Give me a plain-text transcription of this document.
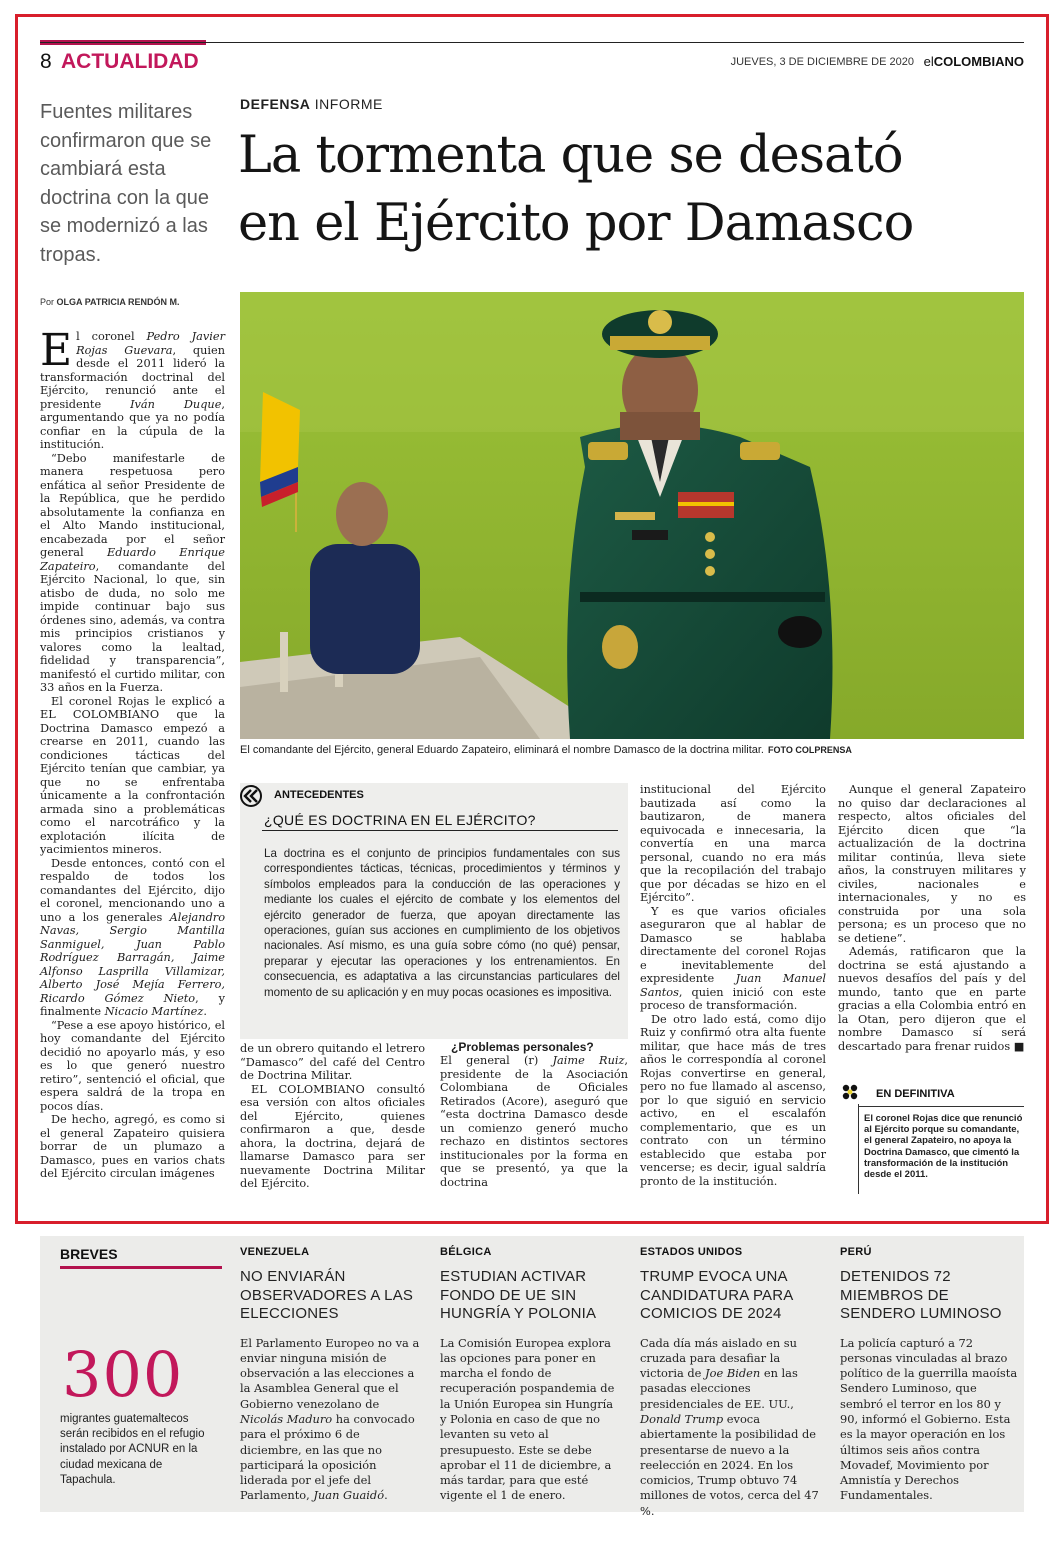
8 ACTUALIDAD	JUEVES, 3 DE DICIEMBRE DE 2020 elCOLOMBIANO
Fuentes militares confirmaron que se cambiará esta doctrina con la que se modernizó a las tropas.
DEFENSA INFORME
La tormenta que se desató
en el Ejército por Damasco
Por OLGA PATRICIA RENDÓN M.
El comandante del Ejército, general Eduardo Zapateiro, eliminará el nombre Damasco de la doctrina militar. FOTO COLPRENSA

El coronel Pedro Javier Rojas Guevara, quien desde el 2011 lideró la transformación doctrinal del Ejército, renunció ante el presidente Iván Duque, argumentando que ya no podía confiar en la cúpula de la institución.

“Debo manifestarle de manera respetuosa pero enfática al señor Presidente de la República, que he perdido absolutamente la confianza en el Alto Mando institucional, encabezada por el señor general Eduardo Enrique Zapateiro, comandante del Ejército Nacional, lo que, sin atisbo de duda, no solo me impide continuar bajo sus órdenes sino, además, va contra mis principios cristianos y valores como la lealtad, fidelidad y transparencia”, manifestó el curtido militar, con 33 años en la Fuerza.

El coronel Rojas le explicó a EL COLOMBIANO que la Doctrina Damasco empezó a crearse en 2011, cuando las condiciones tácticas del Ejército tenían que cambiar, ya que no se enfrentaba únicamente a la confrontación armada sino a problemáticas como el narcotráfico y la explotación ilícita de yacimientos mineros.

Desde entonces, contó con el respaldo de todos los comandantes del Ejército, dijo el coronel, mencionando uno a uno a los generales Alejandro Navas, Sergio Mantilla Sanmiguel, Juan Pablo Rodríguez Barragán, Jaime Alfonso Lasprilla Villamizar, Alberto José Mejía Ferrero, Ricardo Gómez Nieto, y finalmente Nicacio Martínez.

“Pese a ese apoyo histórico, el hoy comandante del Ejército decidió no apoyarlo más, y eso es lo que generó nuestro retiro”, sentenció el oficial, que espera saldrá de la tropa en pocos días.

De hecho, agregó, es como si el general Zapateiro quisiera borrar de un plumazo a Damasco, pues en varios chats del Ejército circulan imágenes

ANTECEDENTES
¿QUÉ ES DOCTRINA EN EL EJÉRCITO?
La doctrina es el conjunto de principios fundamentales con sus correspondientes tácticas, técnicas, procedimientos y términos y símbolos empleados para la conducción de las operaciones y mediante los cuales el ejército de combate y los elementos del ejército generador de fuerza, que apoyan directamente las operaciones, guían sus acciones en cumplimiento de los objetivos nacionales. Así mismo, es una guía sobre cómo (no qué) pensar, preparar y ejecutar las operaciones y los entrenamientos. En consecuencia, es adaptativa a las circunstancias particulares del momento de su aplicación y en muy pocas ocasiones es impositiva.

de un obrero quitando el letrero “Damasco” del café del Centro de Doctrina Militar.

EL COLOMBIANO consultó esa versión con altos oficiales del Ejército, quienes confirmaron a que, desde ahora, la doctrina, dejará de llamarse Damasco para ser nuevamente Doctrina Militar del Ejército.

¿Problemas personales?

El general (r) Jaime Ruiz, presidente de la Asociación Colombiana de Oficiales Retirados (Acore), aseguró que “esta doctrina Damasco desde un comienzo generó mucho rechazo en distintos sectores institucionales por la forma en que se presentó, ya que la doctrina

institucional del Ejército bautizada así como la bautizaron, de manera equivocada e innecesaria, la convertía en una marca personal, cuando no era más que la recopilación del trabajo que por décadas se hizo en el Ejército”.

Y es que varios oficiales aseguraron que al hablar de Damasco se hablaba directamente del coronel Rojas e inevitablemente del expresidente Juan Manuel Santos, quien inició con este proceso de transformación.

De otro lado está, como dijo Ruiz y confirmó otra alta fuente militar, que hace más de tres años le correspondía al coronel Rojas convertirse en general, pero no fue llamado al ascenso, por lo que siguió en servicio activo, en el escalafón complementario, que es un contrato con un término establecido que estaba por vencerse; es decir, igual saldría pronto de la institución.

Aunque el general Zapateiro no quiso dar declaraciones al respecto, altos oficiales del Ejército dicen que “la actualización de la doctrina militar continúa, lleva siete años, la construyen militares y civiles, nacionales e internacionales, y no es construida por una sola persona; es un proceso que no se detiene”.

Además, ratificaron que la doctrina se está ajustando a nuevos desafíos del país y del mundo, tanto que en parte gracias a ella Colombia entró en la Otan, pero dijeron que el nombre Damasco sí será descartado para frenar ruidos ■

EN DEFINITIVA
El coronel Rojas dice que renunció al Ejército porque su comandante, el general Zapateiro, no apoya la Doctrina Damasco, que cimentó la transformación de la institución desde el 2011.
BREVES
300
migrantes guatemaltecos serán recibidos en el refugio instalado por ACNUR en la ciudad mexicana de Tapachula.
VENEZUELA
NO ENVIARÁN OBSERVADORES A LAS ELECCIONES
El Parlamento Europeo no va a enviar ninguna misión de observación a las elecciones a la Asamblea General que el Gobierno venezolano de Nicolás Maduro ha convocado para el próximo 6 de diciembre, en las que no participará la oposición liderada por el jefe del Parlamento, Juan Guaidó.
BÉLGICA
ESTUDIAN ACTIVAR FONDO DE UE SIN HUNGRÍA Y POLONIA
La Comisión Europea explora las opciones para poner en marcha el fondo de recuperación pospandemia de la Unión Europea sin Hungría y Polonia en caso de que no levanten su veto al presupuesto. Este se debe aprobar el 11 de diciembre, a más tardar, para que esté vigente el 1 de enero.
ESTADOS UNIDOS
TRUMP EVOCA UNA CANDIDATURA PARA COMICIOS DE 2024
Cada día más aislado en su cruzada para desafiar la victoria de Joe Biden en las pasadas elecciones presidenciales de EE. UU., Donald Trump evoca abiertamente la posibilidad de presentarse de nuevo a la reelección en 2024. En los comicios, Trump obtuvo 74 millones de votos, cerca del 47 %.
PERÚ
DETENIDOS 72 MIEMBROS DE SENDERO LUMINOSO
La policía capturó a 72 personas vinculadas al brazo político de la guerrilla maoísta Sendero Luminoso, que sembró el terror en los 80 y 90, informó el Gobierno. Esta es la mayor operación en los últimos seis años contra Movadef, Movimiento por Amnistía y Derechos Fundamentales.
